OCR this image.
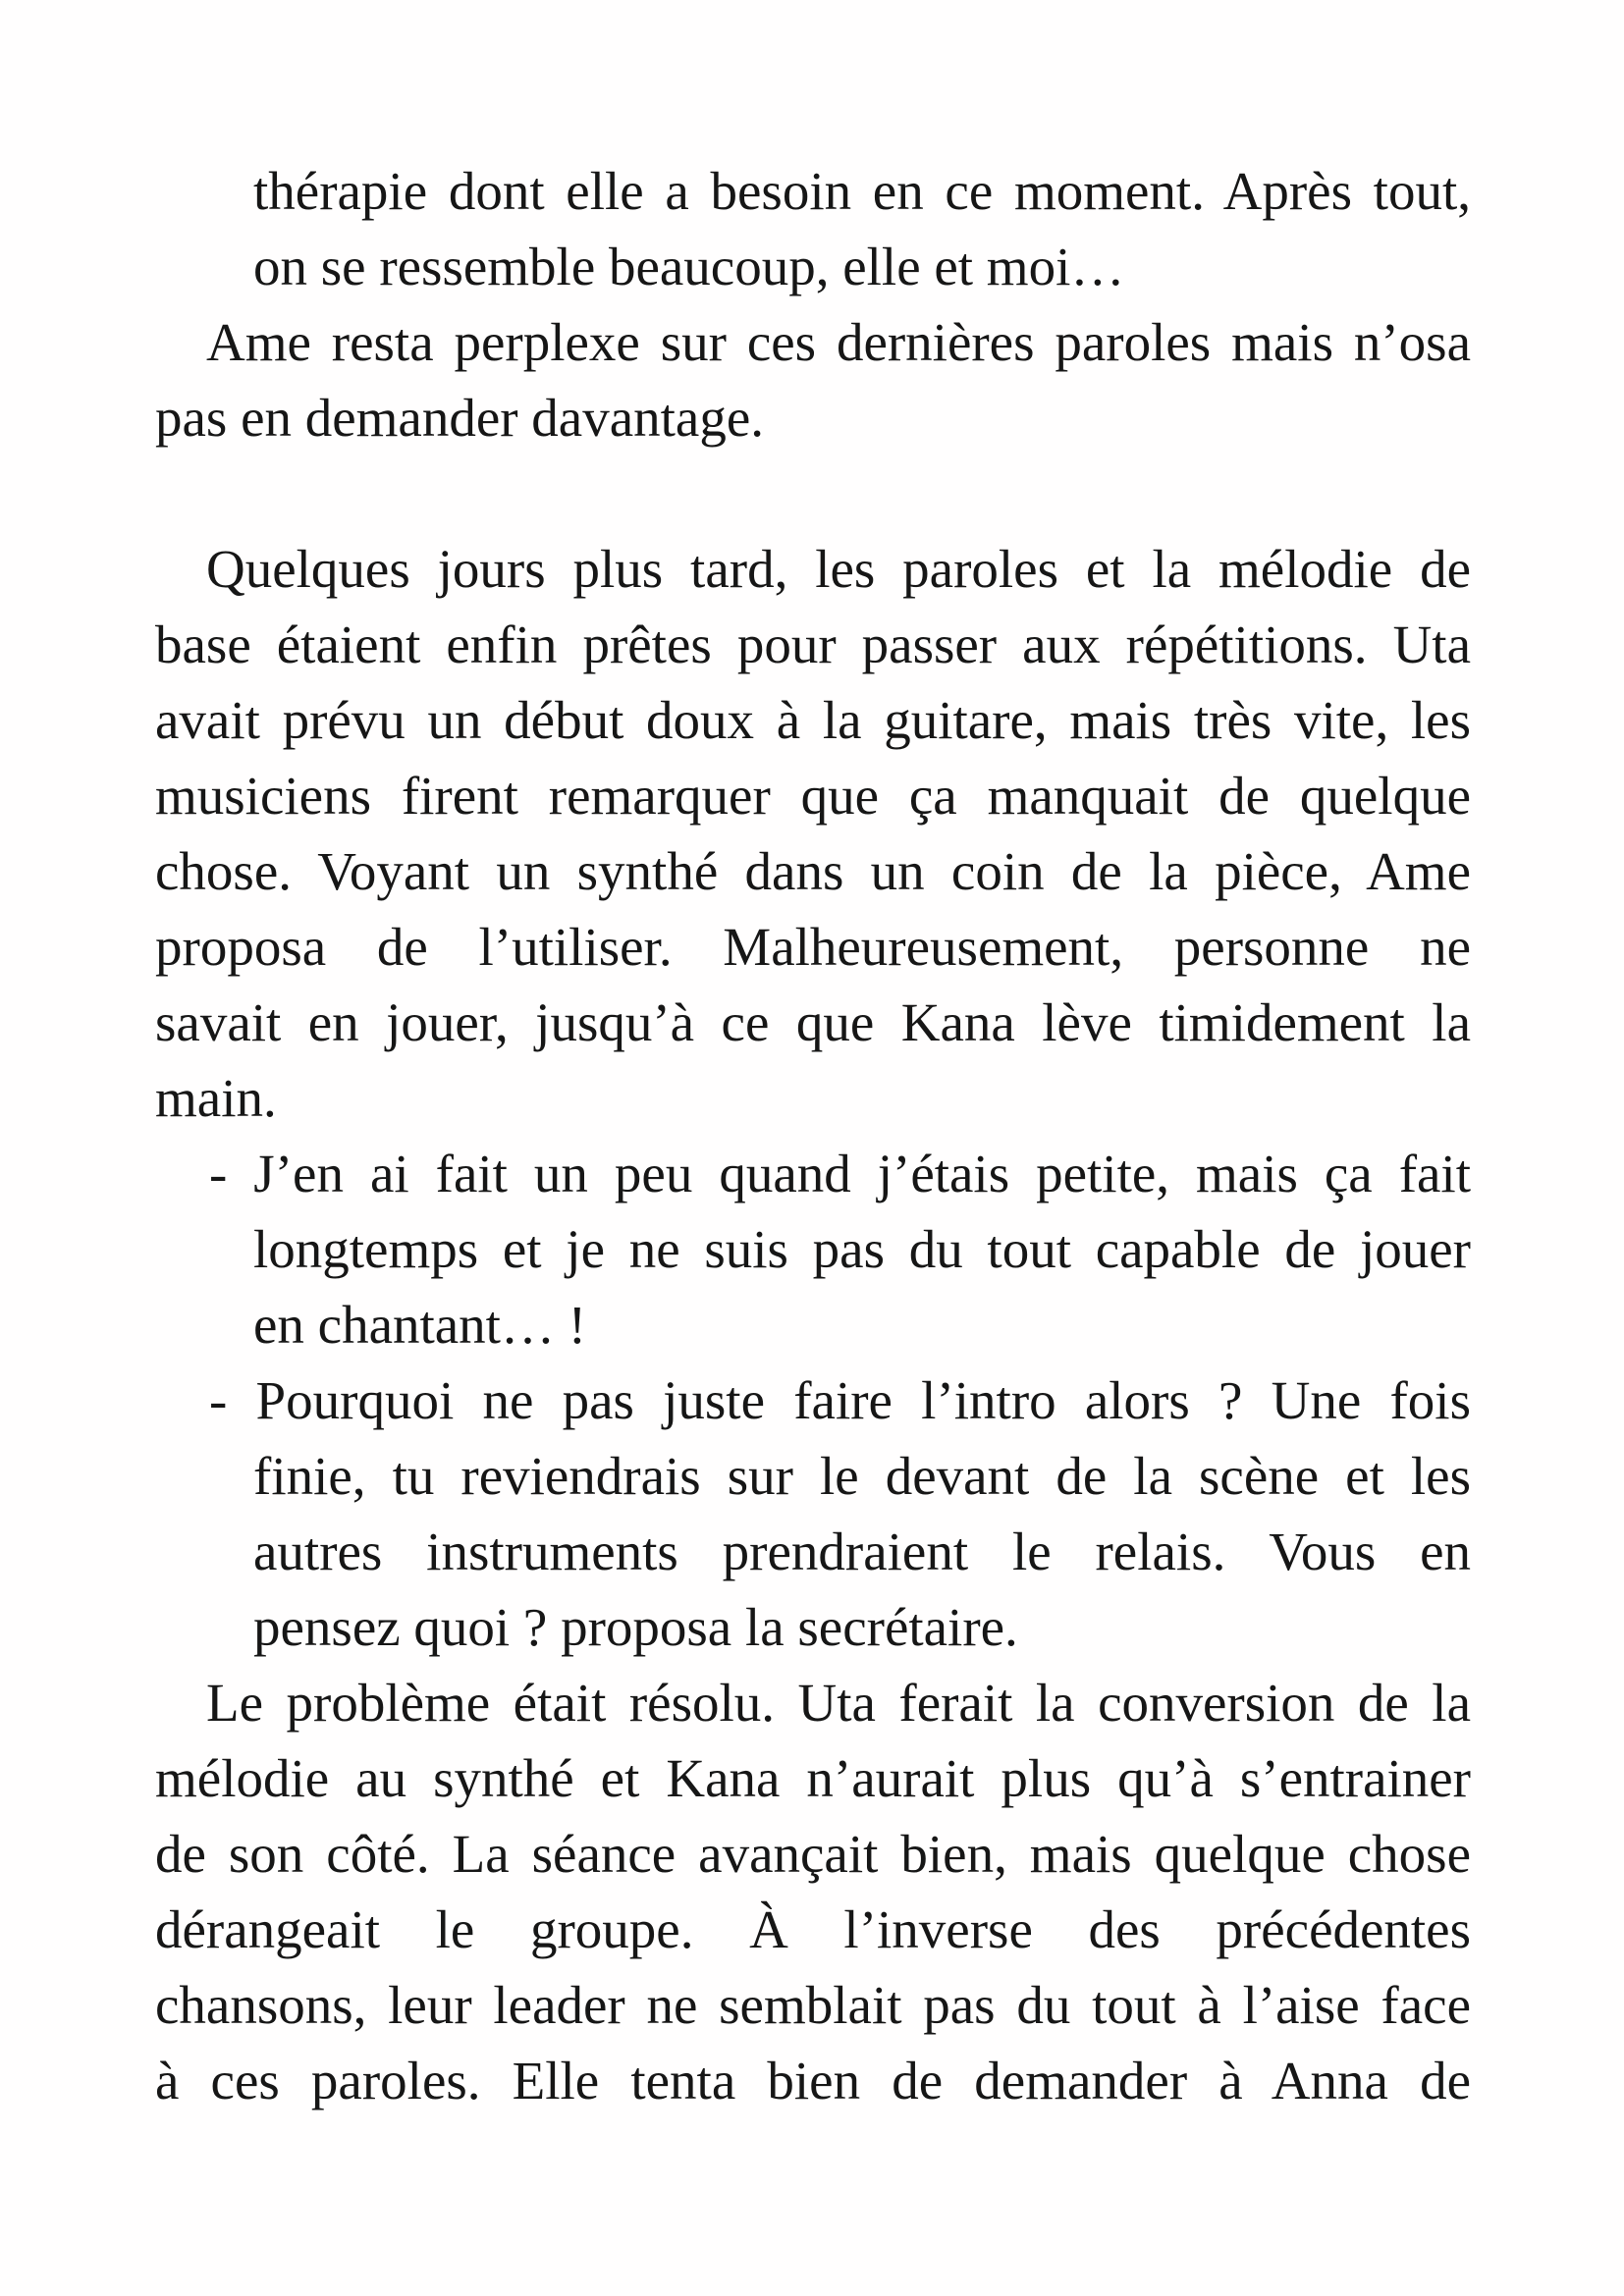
thérapie dont elle a besoin en ce moment. Après tout,
on se ressemble beaucoup, elle et moi…
Ame resta perplexe sur ces dernières paroles mais n’osa
pas en demander davantage.
Quelques jours plus tard, les paroles et la mélodie de
base étaient enfin prêtes pour passer aux répétitions. Uta
avait prévu un début doux à la guitare, mais très vite, les
musiciens firent remarquer que ça manquait de quelque
chose. Voyant un synthé dans un coin de la pièce, Ame
proposa de l’utiliser. Malheureusement, personne ne
savait en jouer, jusqu’à ce que Kana lève timidement la
main.
- J’en ai fait un peu quand j’étais petite, mais ça fait
longtemps et je ne suis pas du tout capable de jouer
en chantant… !
- Pourquoi ne pas juste faire l’intro alors ? Une fois
finie, tu reviendrais sur le devant de la scène et les
autres instruments prendraient le relais. Vous en
pensez quoi ? proposa la secrétaire.
Le problème était résolu. Uta ferait la conversion de la
mélodie au synthé et Kana n’aurait plus qu’à s’entrainer
de son côté. La séance avançait bien, mais quelque chose
dérangeait le groupe. À l’inverse des précédentes
chansons, leur leader ne semblait pas du tout à l’aise face
à ces paroles. Elle tenta bien de demander à Anna de
